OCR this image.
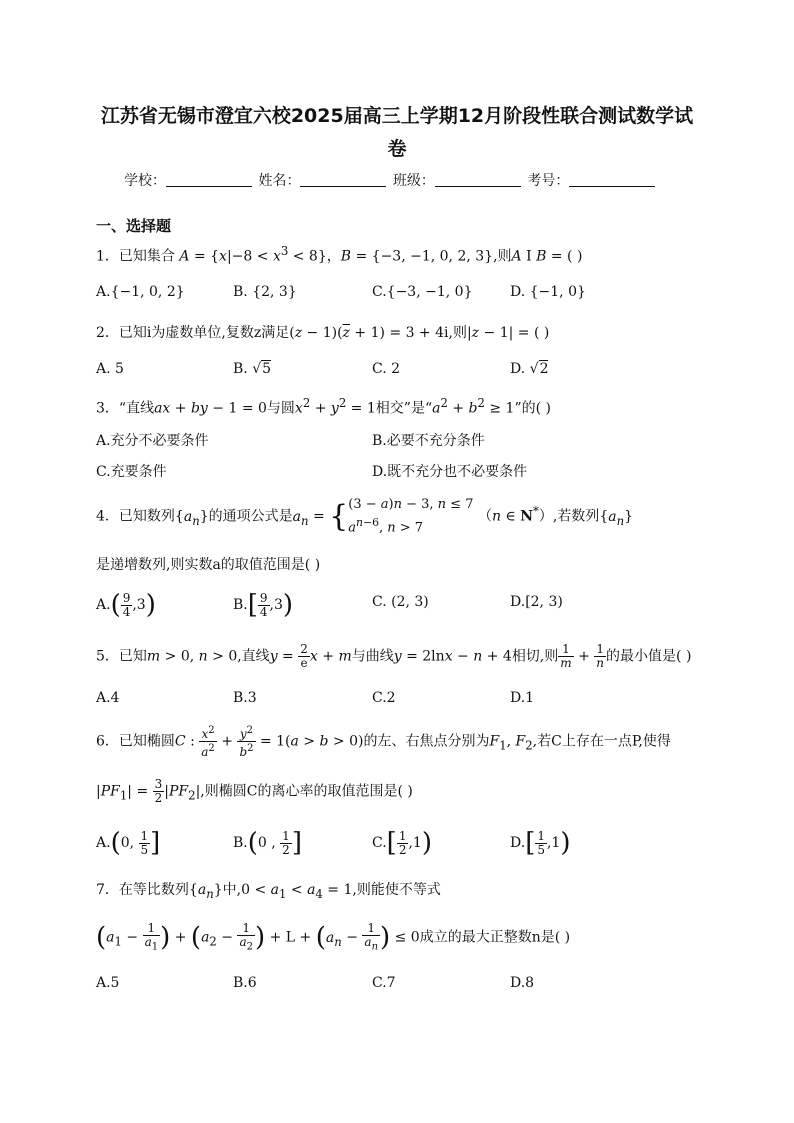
江苏省无锡市澄宜六校2025届高三上学期12月阶段性联合测试数学试
卷
学校：	姓名：	班级：	考号：
一、选择题
1．已知集合 $A = \{x|-8 < x^3 < 8\}$，B = {−3, −1, 0, 2, 3},则A I B = ( )
A.{−1, 0, 2}	B. {2, 3}	C.{−3, −1, 0}	D. {−1, 0}
2．已知i为虚数单位,复数z满足$(z - 1)(\overline{z} + 1) = 3 + 4i$,则|z − 1| = ( )
A. 5	B. √5	C. 2	D. √2
3．“直线ax + by − 1 = 0与圆$x^2 + y^2 = 1$相交”是“$a^2 + b^2 \ge 1$”的( )
A.充分不必要条件	B.必要不充分条件
C.充要条件	D.既不充分也不必要条件
4．已知数列$\{a_n\}$的通项公式是$a_n$ = { (3 − a)n − 3, n ≤ 7
$a^{n-6}$, n > 7
（n ∈ N*）,若数列$\{a_n\}$
是递增数列,则实数a的取值范围是( )
$A.( \frac{9}{4} ,3)$	$B.[ \frac{9}{4} ,3)$	C. (2, 3)	D.[2, 3)
5．已知m > 0, n > 0,直线$y = \frac{2}{e}$ x + m与曲线y = 2lnx − n + 4相切,则 $\frac{1}{m} + \frac{1}{n}$ 的最小值是( )
A.4	B.3	C.2	D.1
6．已知椭圆C : $\frac{x^2}{a^2} + \frac{y^2}{b^2} = 1(a > b > 0)$的左、右焦点分别为$F_1$, $F_2$,若C上存在一点P,使得
$|PF_1| = \frac{3}{2} |PF_2|$,则椭圆C的离心率的取值范围是( )
A.(0, $\frac{1}{5}$ ]	B.(0 , $\frac{1}{2}$ ]	$C.[ \frac{1}{2} ,1)$	$D.[ \frac{1}{5} ,1)$
7．在等比数列$\{a_n\}$中$,0 < a_1 < a_4 = 1$,则能使不等式
($a_1 - \frac{1}{a_1}$ ) + ($a_2 - \frac{1}{a_2}$ ) + $L + (a_n - \frac{1}{a_n}$ ) ≤ 0成立的最大正整数n是( )
A.5	B.6	C.7	D.8
